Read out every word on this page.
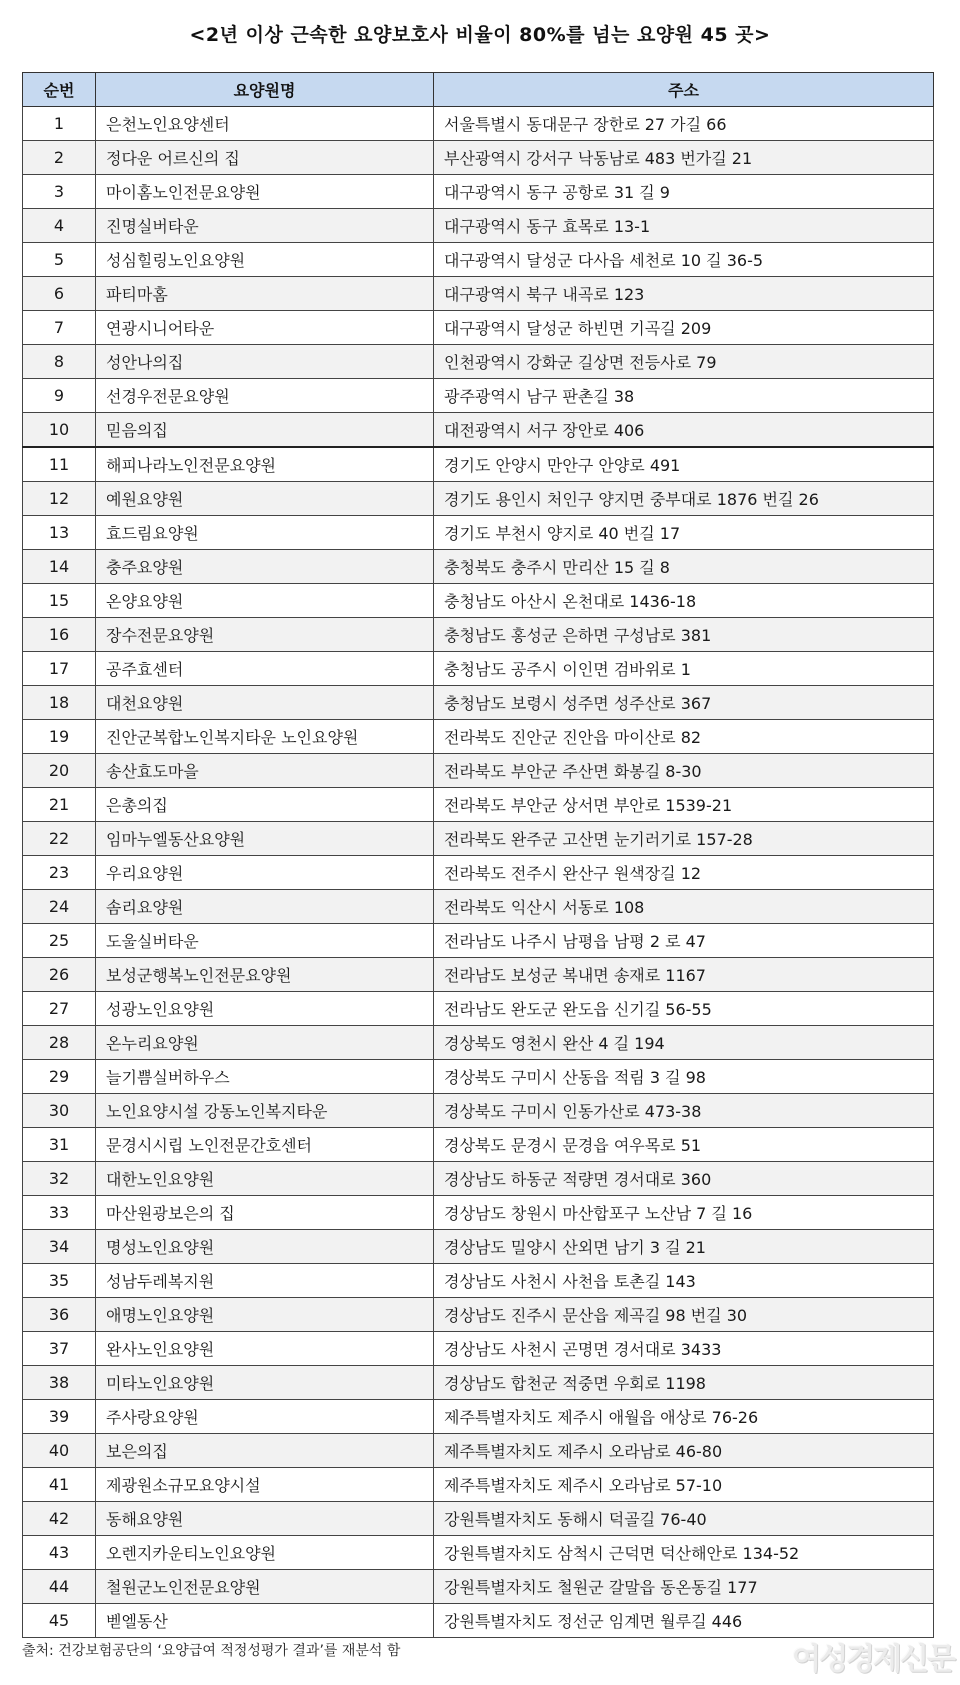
<2년 이상 근속한 요양보호사 비율이 80%를 넘는 요양원 45 곳>
순번	요양원명	주소
1	은천노인요양센터	서울특별시 동대문구 장한로 27 가길 66
2	정다운 어르신의 집	부산광역시 강서구 낙동남로 483 번가길 21
3	마이홈노인전문요양원	대구광역시 동구 공항로 31 길 9
4	진명실버타운	대구광역시 동구 효목로 13-1
5	성심힐링노인요양원	대구광역시 달성군 다사읍 세천로 10 길 36-5
6	파티마홈	대구광역시 북구 내곡로 123
7	연광시니어타운	대구광역시 달성군 하빈면 기곡길 209
8	성안나의집	인천광역시 강화군 길상면 전등사로 79
9	선경우전문요양원	광주광역시 남구 판촌길 38
10	믿음의집	대전광역시 서구 장안로 406
11	해피나라노인전문요양원	경기도 안양시 만안구 안양로 491
12	예원요양원	경기도 용인시 처인구 양지면 중부대로 1876 번길 26
13	효드림요양원	경기도 부천시 양지로 40 번길 17
14	충주요양원	충청북도 충주시 만리산 15 길 8
15	온양요양원	충청남도 아산시 온천대로 1436-18
16	장수전문요양원	충청남도 홍성군 은하면 구성남로 381
17	공주효센터	충청남도 공주시 이인면 검바위로 1
18	대천요양원	충청남도 보령시 성주면 성주산로 367
19	진안군복합노인복지타운 노인요양원	전라북도 진안군 진안읍 마이산로 82
20	송산효도마을	전라북도 부안군 주산면 화봉길 8-30
21	은총의집	전라북도 부안군 상서면 부안로 1539-21
22	임마누엘동산요양원	전라북도 완주군 고산면 눈기러기로 157-28
23	우리요양원	전라북도 전주시 완산구 원색장길 12
24	솜리요양원	전라북도 익산시 서동로 108
25	도울실버타운	전라남도 나주시 남평읍 남평 2 로 47
26	보성군행복노인전문요양원	전라남도 보성군 복내면 송재로 1167
27	성광노인요양원	전라남도 완도군 완도읍 신기길 56-55
28	온누리요양원	경상북도 영천시 완산 4 길 194
29	늘기쁨실버하우스	경상북도 구미시 산동읍 적림 3 길 98
30	노인요양시설 강동노인복지타운	경상북도 구미시 인동가산로 473-38
31	문경시시립 노인전문간호센터	경상북도 문경시 문경읍 여우목로 51
32	대한노인요양원	경상남도 하동군 적량면 경서대로 360
33	마산원광보은의 집	경상남도 창원시 마산합포구 노산남 7 길 16
34	명성노인요양원	경상남도 밀양시 산외면 남기 3 길 21
35	성남두레복지원	경상남도 사천시 사천읍 토촌길 143
36	애명노인요양원	경상남도 진주시 문산읍 제곡길 98 번길 30
37	완사노인요양원	경상남도 사천시 곤명면 경서대로 3433
38	미타노인요양원	경상남도 합천군 적중면 우회로 1198
39	주사랑요양원	제주특별자치도 제주시 애월읍 애상로 76-26
40	보은의집	제주특별자치도 제주시 오라남로 46-80
41	제광원소규모요양시설	제주특별자치도 제주시 오라남로 57-10
42	동해요양원	강원특별자치도 동해시 덕골길 76-40
43	오렌지카운티노인요양원	강원특별자치도 삼척시 근덕면 덕산해안로 134-52
44	철원군노인전문요양원	강원특별자치도 철원군 갈말읍 동온동길 177
45	벧엘동산	강원특별자치도 정선군 임계면 월루길 446
출처: 건강보험공단의 ‘요양급여 적정성평가 결과’를 재분석 함	여성경제신문
